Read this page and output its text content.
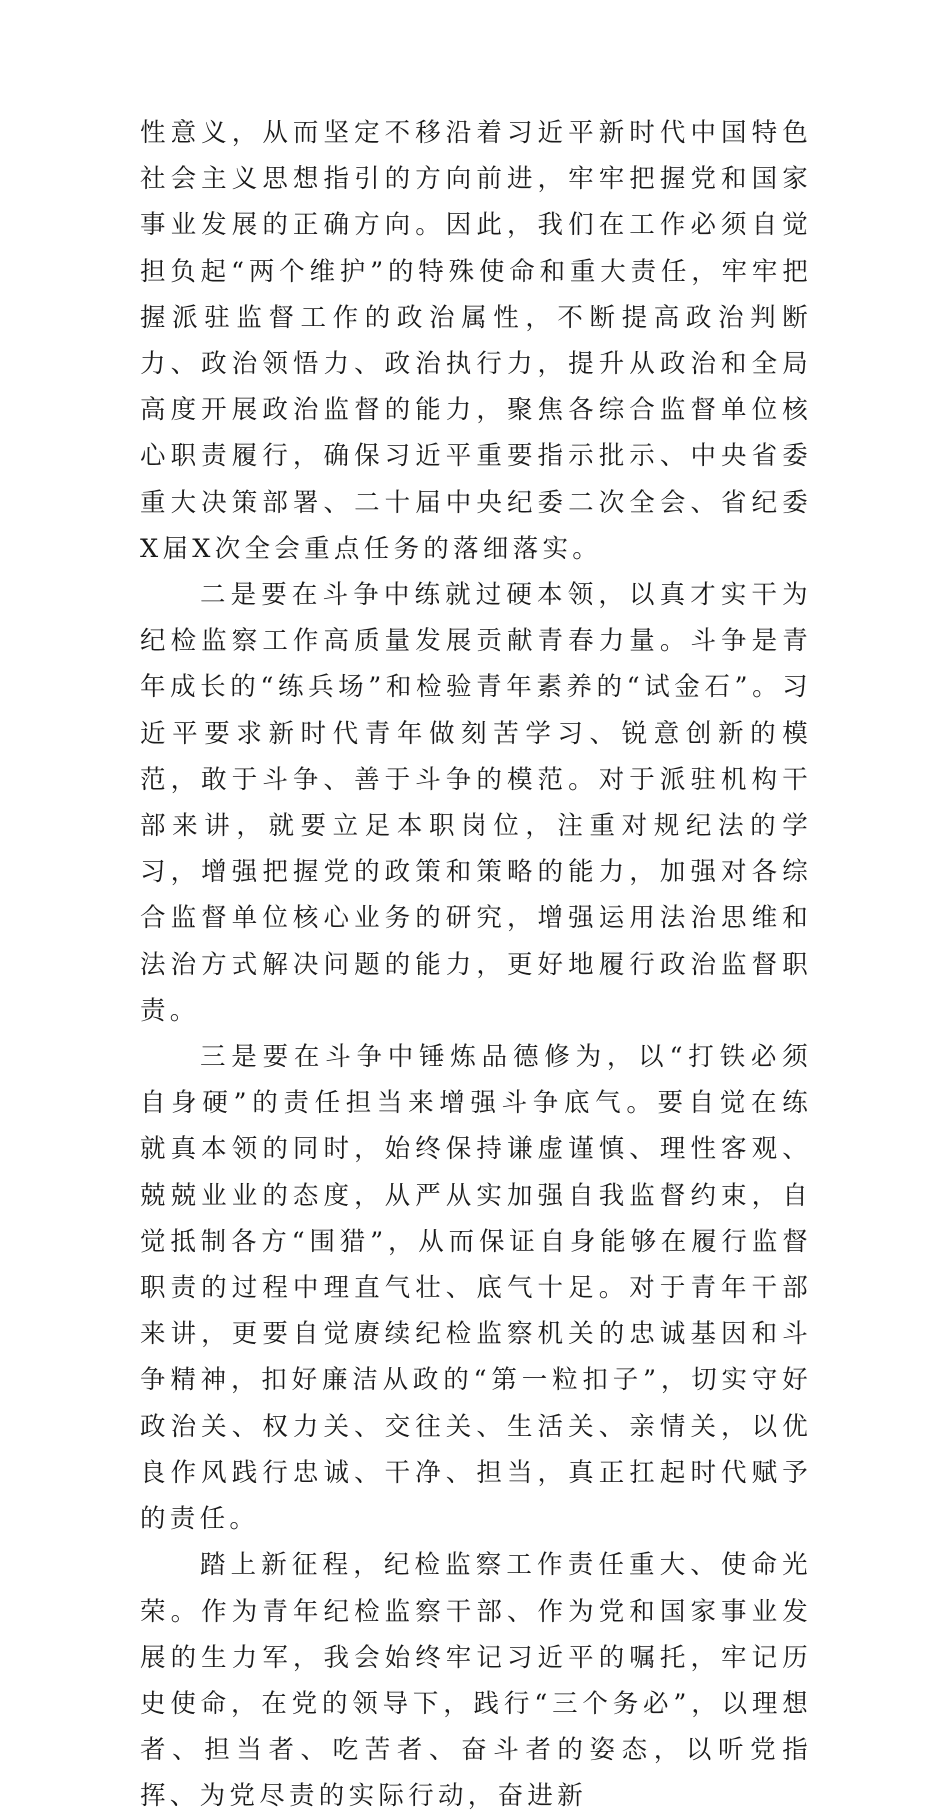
性意义，从而坚定不移沿着习近平新时代中国特色社会主义思想指引的方向前进，牢牢把握党和国家事业发展的正确方向。因此，我们在工作必须自觉担负起“两个维护”的特殊使命和重大责任，牢牢把握派驻监督工作的政治属性，不断提高政治判断力、政治领悟力、政治执行力，提升从政治和全局高度开展政治监督的能力，聚焦各综合监督单位核心职责履行，确保习近平重要指示批示、中央省委重大决策部署、二十届中央纪委二次全会、省纪委X届X次全会重点任务的落细落实。

二是要在斗争中练就过硬本领，以真才实干为纪检监察工作高质量发展贡献青春力量。斗争是青年成长的“练兵场”和检验青年素养的“试金石”。习近平要求新时代青年做刻苦学习、锐意创新的模范，敢于斗争、善于斗争的模范。对于派驻机构干部来讲，就要立足本职岗位，注重对规纪法的学习，增强把握党的政策和策略的能力，加强对各综合监督单位核心业务的研究，增强运用法治思维和法治方式解决问题的能力，更好地履行政治监督职责。

三是要在斗争中锤炼品德修为，以“打铁必须自身硬”的责任担当来增强斗争底气。要自觉在练就真本领的同时，始终保持谦虚谨慎、理性客观、兢兢业业的态度，从严从实加强自我监督约束，自觉抵制各方“围猎”，从而保证自身能够在履行监督职责的过程中理直气壮、底气十足。对于青年干部来讲，更要自觉赓续纪检监察机关的忠诚基因和斗争精神，扣好廉洁从政的“第一粒扣子”，切实守好政治关、权力关、交往关、生活关、亲情关，以优良作风践行忠诚、干净、担当，真正扛起时代赋予的责任。

踏上新征程，纪检监察工作责任重大、使命光荣。作为青年纪检监察干部、作为党和国家事业发展的生力军，我会始终牢记习近平的嘱托，牢记历史使命，在党的领导下，践行“三个务必”，以理想者、担当者、吃苦者、奋斗者的姿态，以听党指挥、为党尽责的实际行动，奋进新
